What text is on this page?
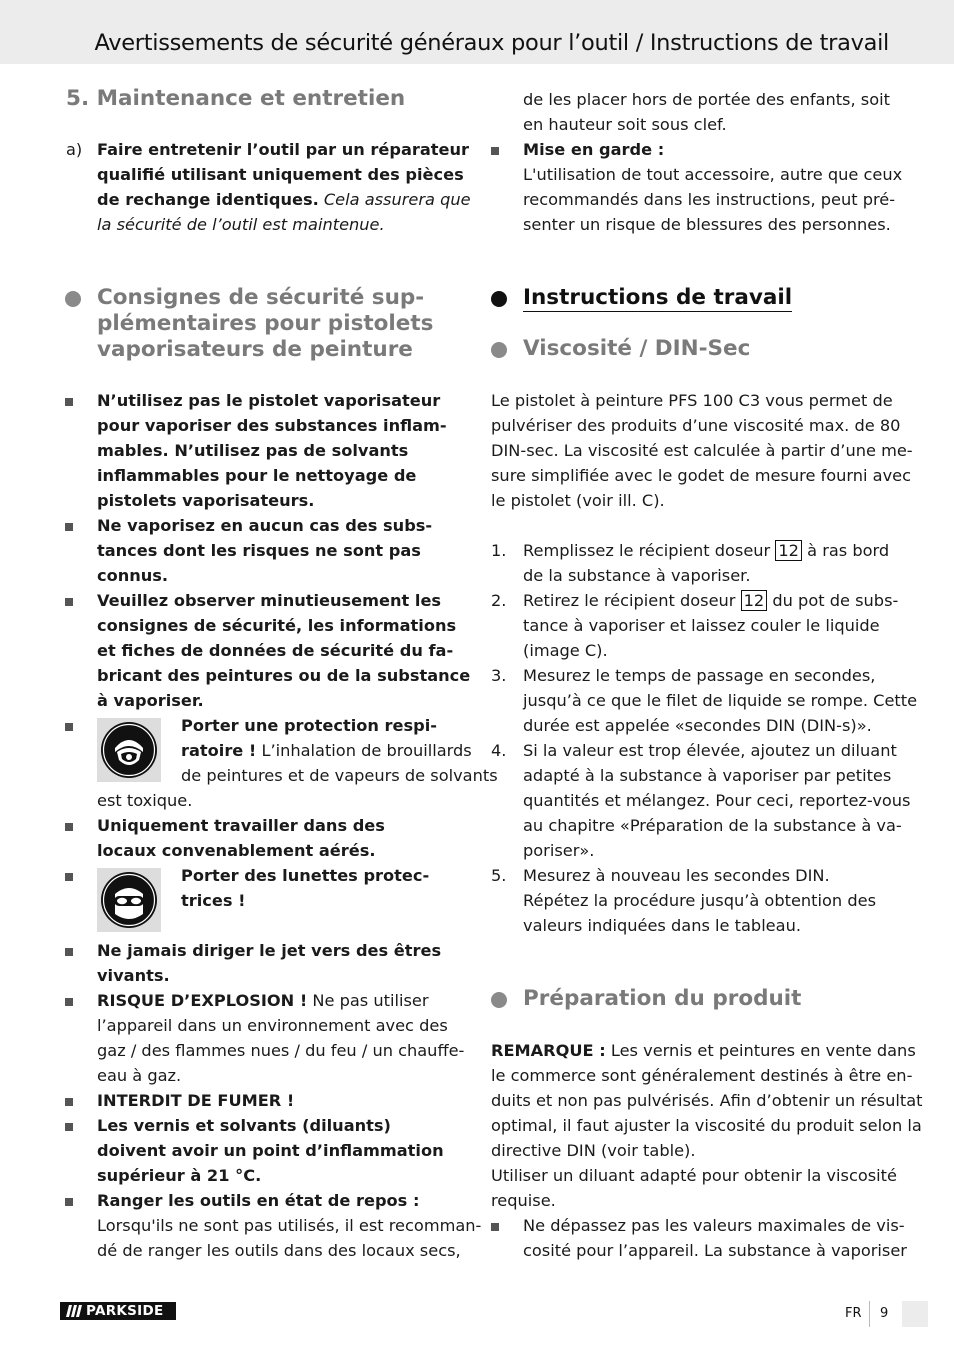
Avertissements de sécurité généraux pour l’outil / Instructions de travail
5. Maintenance et entretien
a) Faire entretenir l’outil par un réparateur
qualifié utilisant uniquement des pièces
de rechange identiques. Cela assurera que
la sécurité de l’outil est maintenue.
Consignes de sécurité sup-
plémentaires pour pistolets
vaporisateurs de peinture
N’utilisez pas le pistolet vaporisateur
pour vaporiser des substances inflam-
mables. N’utilisez pas de solvants
inflammables pour le nettoyage de
pistolets vaporisateurs.
Ne vaporisez en aucun cas des subs-
tances dont les risques ne sont pas
connus.
Veuillez observer minutieusement les
consignes de sécurité, les informations
et fiches de données de sécurité du fa-
bricant des peintures ou de la substance
à vaporiser.
Porter une protection respi-
ratoire ! L’inhalation de brouillards
de peintures et de vapeurs de solvants
est toxique.
Uniquement travailler dans des
locaux convenablement aérés.
Porter des lunettes protec-
trices !
Ne jamais diriger le jet vers des êtres
vivants.
RISQUE D’EXPLOSION ! Ne pas utiliser
l’appareil dans un environnement avec des
gaz / des flammes nues / du feu / un chauffe-
eau à gaz.
INTERDIT DE FUMER !
Les vernis et solvants (diluants)
doivent avoir un point d’inflammation
supérieur à 21 °C.
Ranger les outils en état de repos :
Lorsqu'ils ne sont pas utilisés, il est recomman-
dé de ranger les outils dans des locaux secs,
de les placer hors de portée des enfants, soit
en hauteur soit sous clef.
Mise en garde :
L'utilisation de tout accessoire, autre que ceux
recommandés dans les instructions, peut pré-
senter un risque de blessures des personnes.
Instructions de travail
Viscosité / DIN-Sec
Le pistolet à peinture PFS 100 C3 vous permet de
pulvériser des produits d’une viscosité max. de 80
DIN-sec. La viscosité est calculée à partir d’une me-
sure simplifiée avec le godet de mesure fourni avec
le pistolet (voir ill. C).
1. Remplissez le récipient doseur 12 à ras bord
de la substance à vaporiser.
2. Retirez le récipient doseur 12 du pot de subs-
tance à vaporiser et laissez couler le liquide
(image C).
3. Mesurez le temps de passage en secondes,
jusqu’à ce que le filet de liquide se rompe. Cette
durée est appelée «secondes DIN (DIN-s)».
4. Si la valeur est trop élevée, ajoutez un diluant
adapté à la substance à vaporiser par petites
quantités et mélangez. Pour ceci, reportez-vous
au chapitre «Préparation de la substance à va-
poriser».
5. Mesurez à nouveau les secondes DIN.
Répétez la procédure jusqu’à obtention des
valeurs indiquées dans le tableau.
Préparation du produit
REMARQUE : Les vernis et peintures en vente dans
le commerce sont généralement destinés à être en-
duits et non pas pulvérisés. Afin d’obtenir un résultat
optimal, il faut ajuster la viscosité du produit selon la
directive DIN (voir table).
Utiliser un diluant adapté pour obtenir la viscosité
requise.
Ne dépassez pas les valeurs maximales de vis-
cosité pour l’appareil. La substance à vaporiser
PARKSIDE	FR 9
